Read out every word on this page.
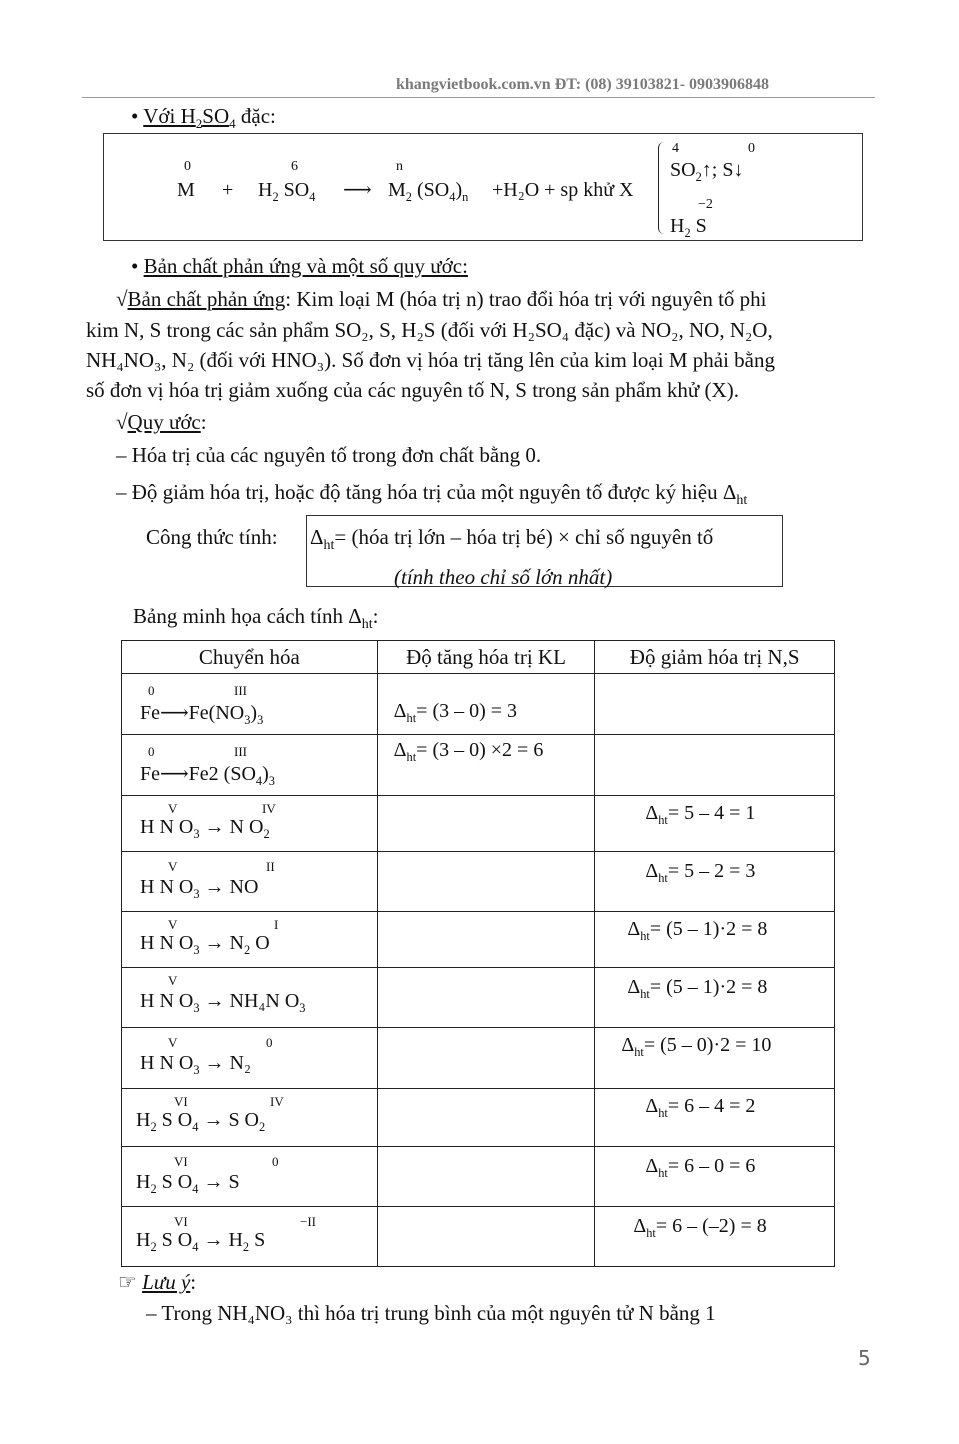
khangvietbook.com.vn ĐT: (08) 39103821- 0903906848
• Với $H_2SO_4$ đặc:
0
M +
6
$H_2$ $SO_4$ ⟶
n
$M_2$ $(SO_4)_n +H_2O$ + sp khử X
4	0
$SO_2↑$; S↓
−2
$H_2$ S
• Bản chất phản ứng và một số quy ước:
√Bản chất phản ứng: Kim loại M (hóa trị n) trao đổi hóa trị với nguyên tố phi
kim N, S trong các sản phẩm SO₂, S, H₂S (đối với H₂SO₄ đặc) và NO₂, NO, N₂O,
NH₄NO₃, N₂ (đối với HNO₃). Số đơn vị hóa trị tăng lên của kim loại M phải bằng
số đơn vị hóa trị giảm xuống của các nguyên tố N, S trong sản phẩm khử (X).
√Quy ước:
– Hóa trị của các nguyên tố trong đơn chất bằng 0.
– Độ giảm hóa trị, hoặc độ tăng hóa trị của một nguyên tố được ký hiệu $\Delta_{ht}$
Công thức tính: $\Delta_{ht}=$ (hóa trị lớn – hóa trị bé) × chỉ số nguyên tố
(tính theo chỉ số lớn nhất)
Bảng minh họa cách tính $\Delta_{ht}$:
Chuyển hóa	Độ tăng hóa trị KL	Độ giảm hóa trị N,S

0 III
$Fe⟶Fe(NO_3)_3$	$\Delta_{ht}= (3 - 0) = 3$	

0 III
Fe⟶Fe2 $(SO_4)_3$	$\Delta_{ht}= (3 - 0) \times 2 = 6$	

V IV
H N $O_3 \to N$ $O_2$		$\Delta_{ht}= 5 - 4 = 1$

V II
H N $O_3$ → NO		$\Delta_{ht}= 5 - 2 = 3$

V I
H N $O_3 \to N_2$ O		$\Delta_{ht}= (5 - 1)\cdot 2 = 8$

V
H N $O_3 \to NH_4N$ $O_3$		$\Delta_{ht}= (5 - 1)\cdot 2 = 8$

V 0
H N $O_3 \to N_2$		$\Delta_{ht}= (5 - 0)\cdot 2 = 10$

VI IV
$H_2$ S $O_4 \to S$ $O_2$		$\Delta_{ht}= 6 - 4 = 2$

VI 0
$H_2$ S $O_4 \to S$		$\Delta_{ht}= 6 - 0 = 6$

VI −II
$H_2$ S $O_4 \to H_2$ S		$\Delta_{ht}= 6 - (-2) = 8$
☞ Lưu ý:
– Trong NH₄NO₃ thì hóa trị trung bình của một nguyên tử N bằng 1
5
